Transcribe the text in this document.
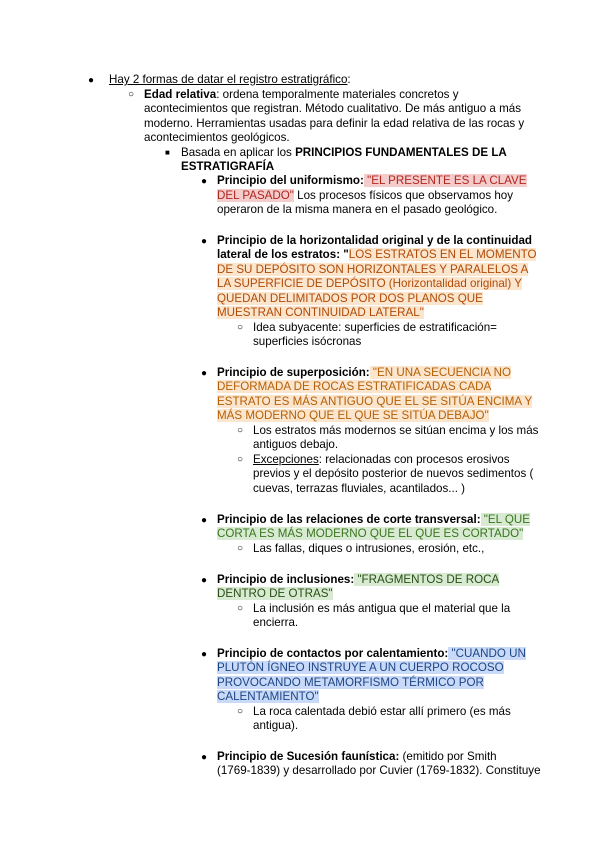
● Hay 2 formas de datar el registro estratigráfico:
○ Edad relativa: ordena temporalmente materiales concretos y
acontecimientos que registran. Método cualitativo. De más antiguo a más
moderno. Herramientas usadas para definir la edad relativa de las rocas y
acontecimientos geológicos.
■ Basada en aplicar los PRINCIPIOS FUNDAMENTALES DE LA
ESTRATIGRAFÍA
● Principio del uniformismo: "EL PRESENTE ES LA CLAVE
DEL PASADO" Los procesos físicos que observamos hoy
operaron de la misma manera en el pasado geológico.
● Principio de la horizontalidad original y de la continuidad
lateral de los estratos: "LOS ESTRATOS EN EL MOMENTO
DE SU DEPÓSITO SON HORIZONTALES Y PARALELOS A
LA SUPERFICIE DE DEPÓSITO (Horizontalidad original) Y
QUEDAN DELIMITADOS POR DOS PLANOS QUE
MUESTRAN CONTINUIDAD LATERAL"
○ Idea subyacente: superficies de estratificación=
superficies isócronas
● Principio de superposición: "EN UNA SECUENCIA NO
DEFORMADA DE ROCAS ESTRATIFICADAS CADA
ESTRATO ES MÁS ANTIGUO QUE EL SE SITÚA ENCIMA Y
MÁS MODERNO QUE EL QUE SE SITÚA DEBAJO"
○ Los estratos más modernos se sitúan encima y los más
antiguos debajo.
○ Excepciones: relacionadas con procesos erosivos
previos y el depósito posterior de nuevos sedimentos (
cuevas, terrazas fluviales, acantilados... )
● Principio de las relaciones de corte transversal: "EL QUE
CORTA ES MÁS MODERNO QUE EL QUE ES CORTADO"
○ Las fallas, diques o intrusiones, erosión, etc.,
● Principio de inclusiones: "FRAGMENTOS DE ROCA
DENTRO DE OTRAS"
○ La inclusión es más antigua que el material que la
encierra.
● Principio de contactos por calentamiento: "CUANDO UN
PLUTÓN ÍGNEO INSTRUYE A UN CUERPO ROCOSO
PROVOCANDO METAMORFISMO TÉRMICO POR
CALENTAMIENTO"
○ La roca calentada debió estar allí primero (es más
antigua).
● Principio de Sucesión faunística: (emitido por Smith
(1769-1839) y desarrollado por Cuvier (1769-1832). Constituye
